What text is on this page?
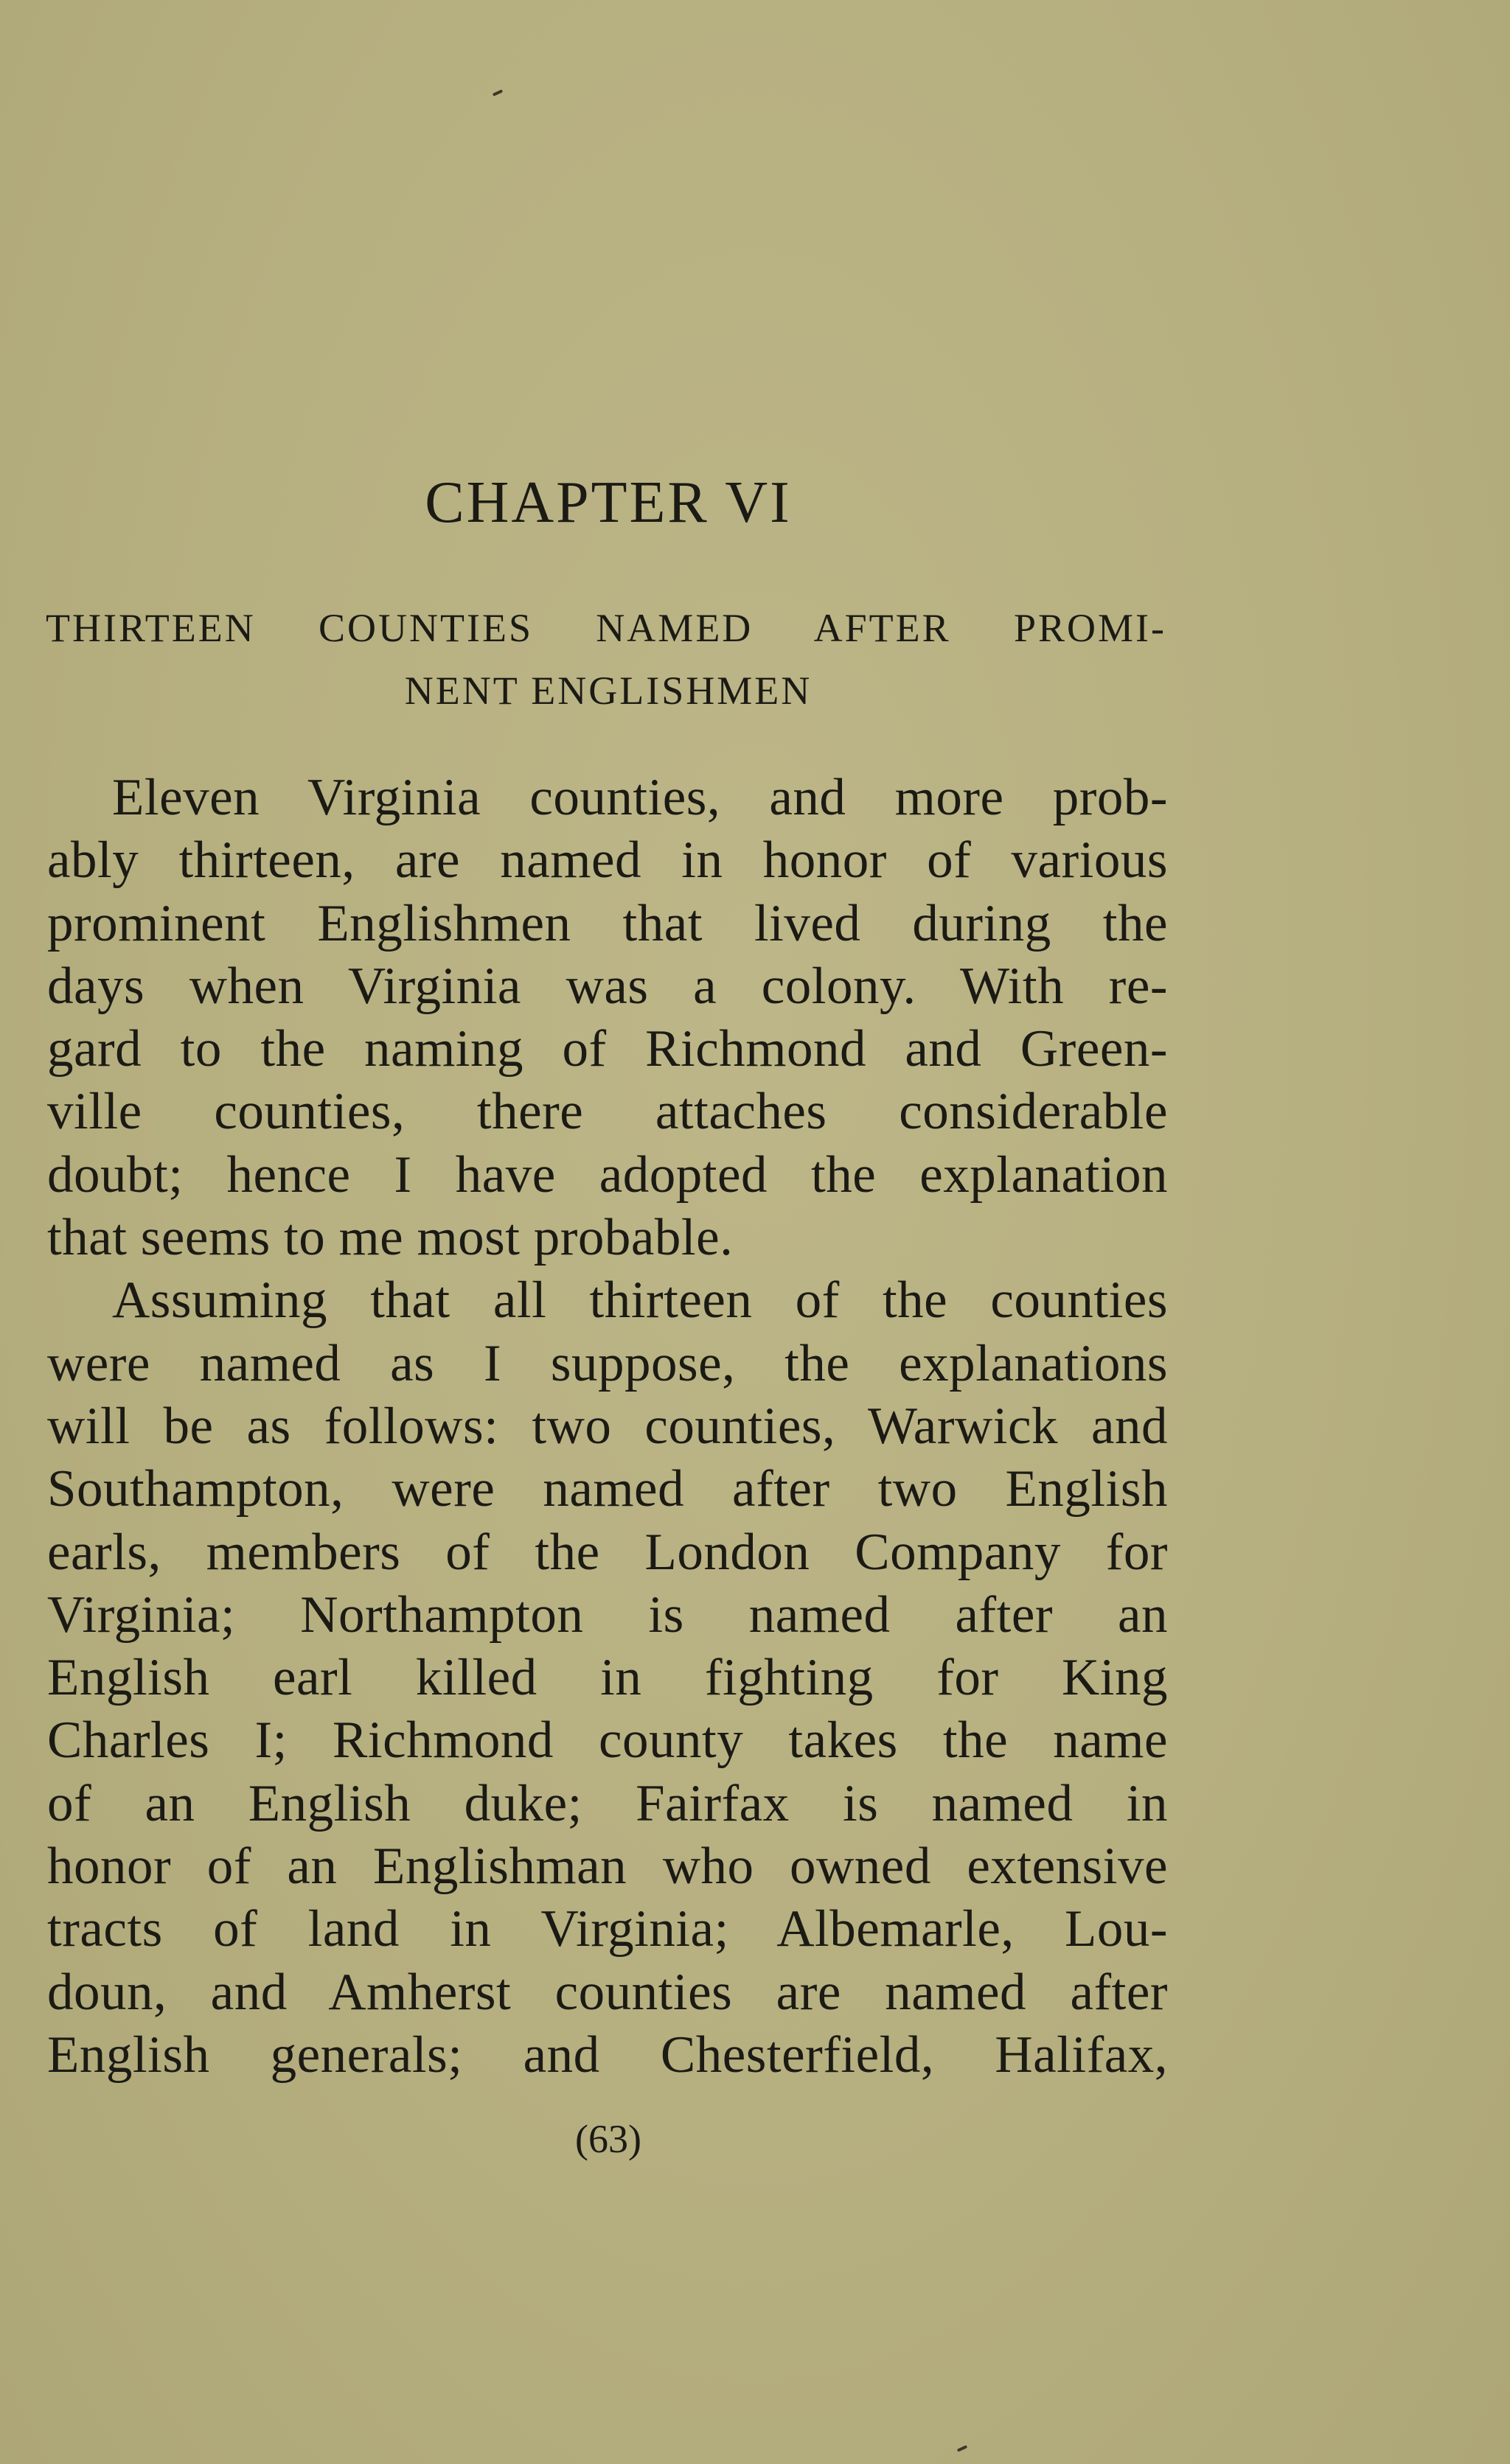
CHAPTER VI
THIRTEEN COUNTIES NAMED AFTER PROMI-
NENT ENGLISHMEN
Eleven Virginia counties, and more prob-
ably thirteen, are named in honor of various
prominent Englishmen that lived during the
days when Virginia was a colony. With re-
gard to the naming of Richmond and Green-
ville counties, there attaches considerable
doubt; hence I have adopted the explanation
that seems to me most probable.
Assuming that all thirteen of the counties
were named as I suppose, the explanations
will be as follows: two counties, Warwick and
Southampton, were named after two English
earls, members of the London Company for
Virginia; Northampton is named after an
English earl killed in fighting for King
Charles I; Richmond county takes the name
of an English duke; Fairfax is named in
honor of an Englishman who owned extensive
tracts of land in Virginia; Albemarle, Lou-
doun, and Amherst counties are named after
English generals; and Chesterfield, Halifax,
(63)
